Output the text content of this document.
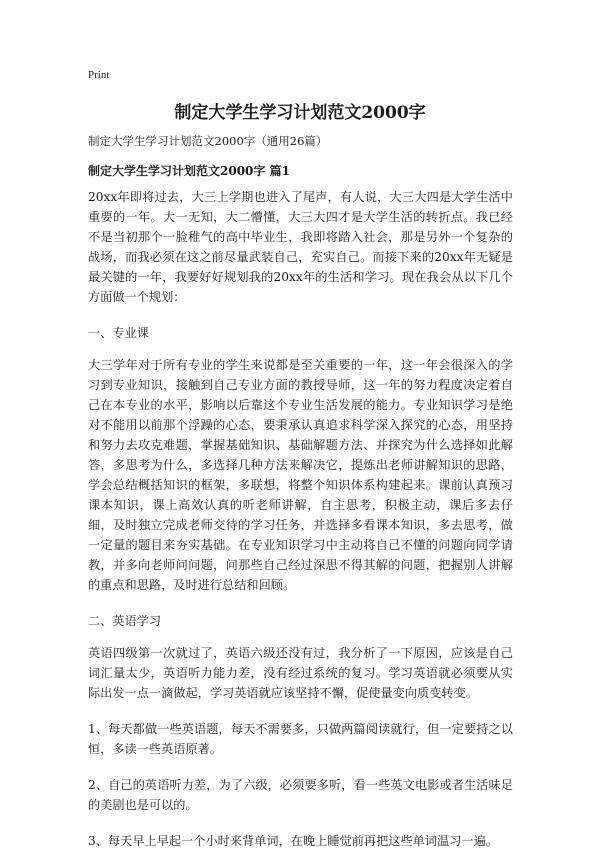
Print
制定大学生学习计划范文2000字
制定大学生学习计划范文2000字（通用26篇）
制定大学生学习计划范文2000字 篇1

20xx年即将过去，大三上学期也进入了尾声，有人说，大三大四是大学生活中重要的一年。大一无知，大二懵懂，大三大四才是大学生活的转折点。我已经不是当初那个一脸稚气的高中毕业生，我即将踏入社会，那是另外一个复杂的战场，而我必须在这之前尽量武装自己，充实自己。而接下来的20xx年无疑是最关键的一年，我要好好规划我的20xx年的生活和学习。现在我会从以下几个方面做一个规划：

一、专业课

大三学年对于所有专业的学生来说都是至关重要的一年，这一年会很深入的学习到专业知识，接触到自己专业方面的教授导师，这一年的努力程度决定着自己在本专业的水平，影响以后靠这个专业生活发展的能力。专业知识学习是绝对不能用以前那个浮躁的心态，要秉承认真追求科学深入探究的心态，用坚持和努力去攻克难题，掌握基础知识、基础解题方法、并探究为什么选择如此解答，多思考为什么，多选择几种方法来解决它，提炼出老师讲解知识的思路，学会总结概括知识的框架，多联想，将整个知识体系构建起来。课前认真预习课本知识，课上高效认真的听老师讲解，自主思考，积极主动，课后多去仔细，及时独立完成老师交待的学习任务，并选择多看课本知识，多去思考，做一定量的题目来夯实基础。在专业知识学习中主动将自己不懂的问题向同学请教，并多向老师问问题，问那些自己经过深思不得其解的问题，把握别人讲解的重点和思路，及时进行总结和回顾。

二、英语学习

英语四级第一次就过了，英语六级还没有过，我分析了一下原因，应该是自己词汇量太少，英语听力能力差，没有经过系统的复习。学习英语就必须要从实际出发一点一滴做起，学习英语就应该坚持不懈，促使量变向质变转变。

1、每天都做一些英语题，每天不需要多，只做两篇阅读就行，但一定要持之以恒，多读一些英语原著。

2、自己的英语听力差，为了六级，必须要多听，看一些英文电影或者生活味足的美剧也是可以的。

3、每天早上早起一个小时来背单词，在晚上睡觉前再把这些单词温习一遍。
